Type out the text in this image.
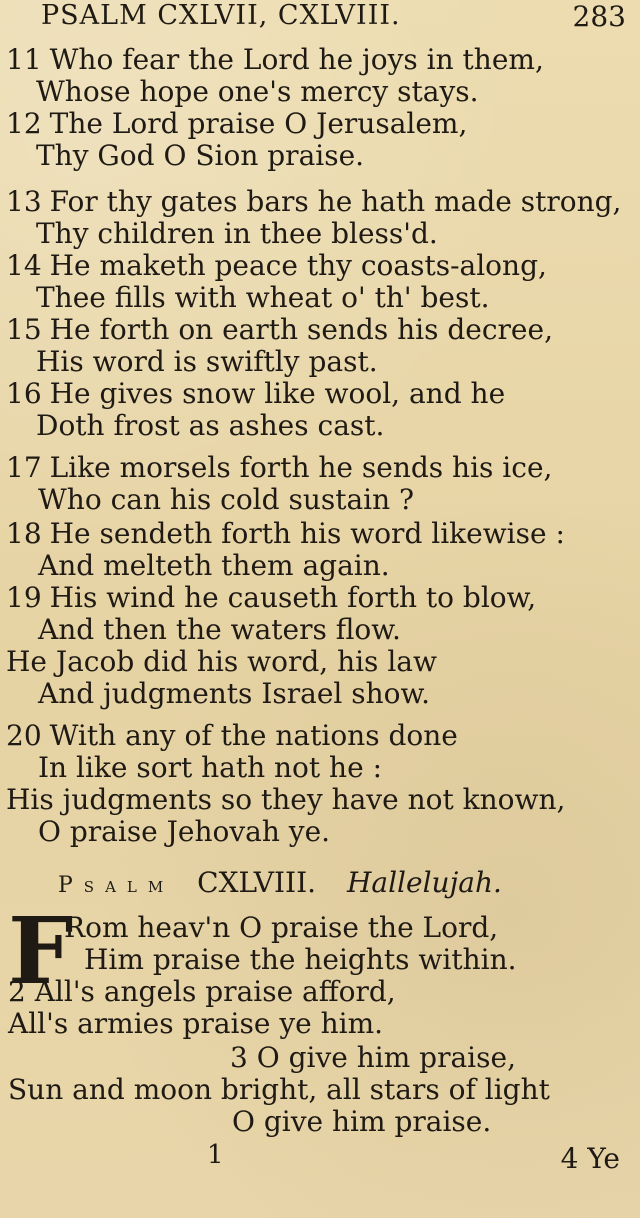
PSALM CXLVII, CXLVIII.	283
11 Who fear the Lord he joys in them,
Whose hope one's mercy stays.
12 The Lord praise O Jerusalem,
Thy God O Sion praise.
13 For thy gates bars he hath made strong,
Thy children in thee bless'd.
14 He maketh peace thy coasts-along,
Thee fills with wheat o' th' best.
15 He forth on earth sends his decree,
His word is swiftly past.
16 He gives snow like wool, and he
Doth frost as ashes cast.
17 Like morsels forth he sends his ice,
Who can his cold sustain ?
18 He sendeth forth his word likewise :
And melteth them again.
19 His wind he causeth forth to blow,
And then the waters flow.
He Jacob did his word, his law
And judgments Israel show.
20 With any of the nations done
In like sort hath not he :
His judgments so they have not known,
O praise Jehovah ye.
Psalm CXLVIII. Hallelujah.
F
Rom heav'n O praise the Lord,
Him praise the heights within.
2 All's angels praise afford,
All's armies praise ye him.
3 O give him praise,
Sun and moon bright, all stars of light
O give him praise.
1	4 Ye
